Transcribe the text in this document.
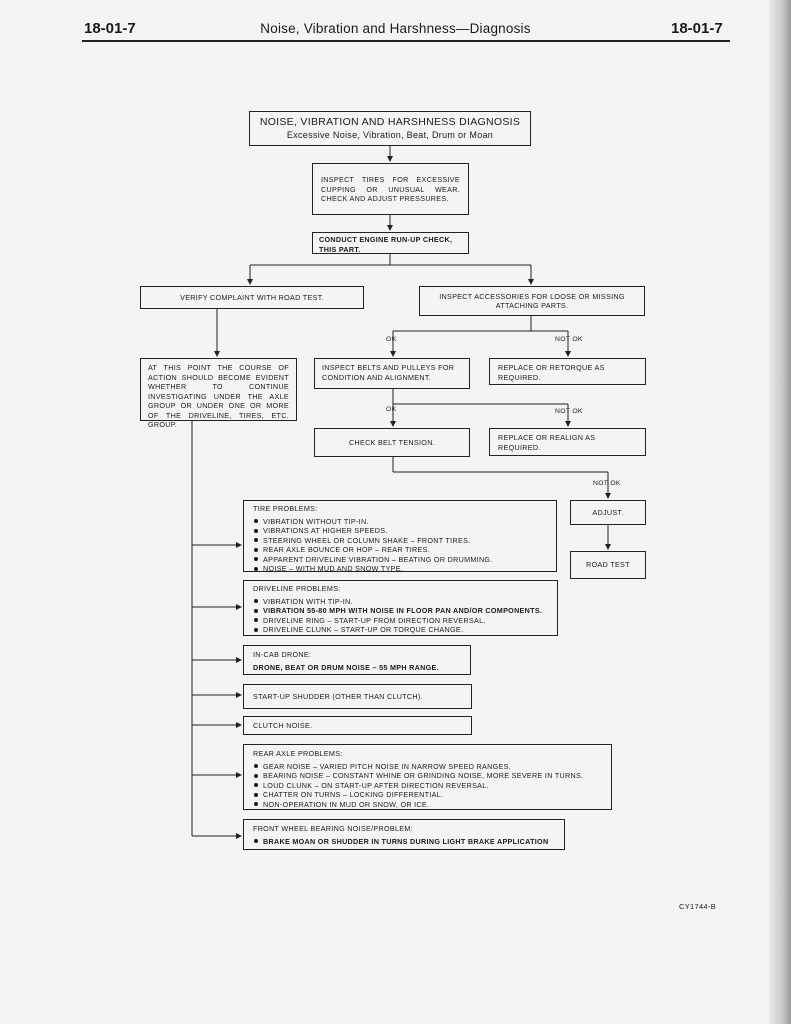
18-01-7	Noise, Vibration and Harshness—Diagnosis	18-01-7
NOISE, VIBRATION AND HARSHNESS DIAGNOSIS
Excessive Noise, Vibration, Beat, Drum or Moan
INSPECT TIRES FOR EXCESSIVE CUPPING OR UNUSUAL WEAR. CHECK AND ADJUST PRESSURES.
CONDUCT ENGINE RUN-UP CHECK, THIS PART.
VERIFY COMPLAINT WITH ROAD TEST.	INSPECT ACCESSORIES FOR LOOSE OR MISSING ATTACHING PARTS.
OK	NOT OK
AT THIS POINT THE COURSE OF ACTION SHOULD BECOME EVIDENT WHETHER TO CONTINUE INVESTIGATING UNDER THE AXLE GROUP OR UNDER ONE OR MORE OF THE DRIVELINE, TIRES, ETC. GROUP.
INSPECT BELTS AND PULLEYS FOR CONDITION AND ALIGNMENT.
REPLACE OR RETORQUE AS REQUIRED.
OK	NOT OK
CHECK BELT TENSION.
REPLACE OR REALIGN AS REQUIRED.
NOT OK
ADJUST.
ROAD TEST
TIRE PROBLEMS:
VIBRATION WITHOUT TIP-IN.
VIBRATIONS AT HIGHER SPEEDS.
STEERING WHEEL OR COLUMN SHAKE – FRONT TIRES.
REAR AXLE BOUNCE OR HOP – REAR TIRES.
APPARENT DRIVELINE VIBRATION – BEATING OR DRUMMING.
NOISE – WITH MUD AND SNOW TYPE.
DRIVELINE PROBLEMS:
VIBRATION WITH TIP-IN.
VIBRATION 55-80 MPH WITH NOISE IN FLOOR PAN AND/OR COMPONENTS.
DRIVELINE RING – START-UP FROM DIRECTION REVERSAL.
DRIVELINE CLUNK – START-UP OR TORQUE CHANGE.
IN-CAB DRONE:
DRONE, BEAT OR DRUM NOISE – 55 MPH RANGE.
START-UP SHUDDER (OTHER THAN CLUTCH).
CLUTCH NOISE.
REAR AXLE PROBLEMS:
GEAR NOISE – VARIED PITCH NOISE IN NARROW SPEED RANGES.
BEARING NOISE – CONSTANT WHINE OR GRINDING NOISE, MORE SEVERE IN TURNS.
LOUD CLUNK – ON START-UP AFTER DIRECTION REVERSAL.
CHATTER ON TURNS – LOCKING DIFFERENTIAL.
NON-OPERATION IN MUD OR SNOW, OR ICE.
FRONT WHEEL BEARING NOISE/PROBLEM:
BRAKE MOAN OR SHUDDER IN TURNS DURING LIGHT BRAKE APPLICATION
CY1744-B
